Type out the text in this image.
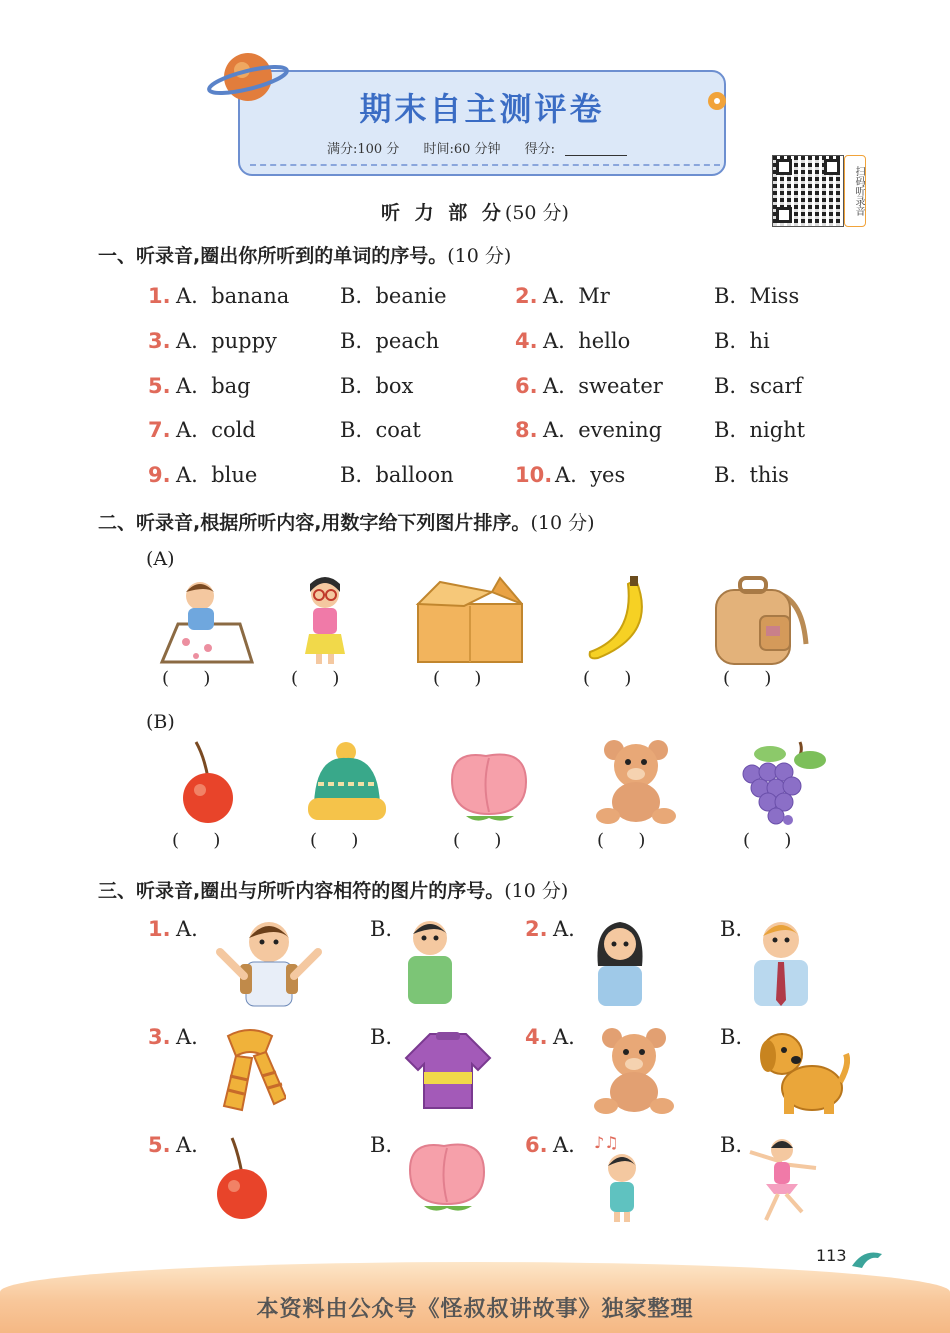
期末自主测评卷
满分:100 分 时间:60 分钟 得分:
扫码听录音
听 力 部 分(50 分)
一、听录音,圈出你所听到的单词的序号。(10 分)
1. A.  banana B.  beanie	2. A.  Mr	B.  Miss
3. A.  puppy	B.  peach	4. A.  hello	B.  hi
5. A.  bag	B.  box	6. A.  sweater B.  scarf
7. A.  cold	B.  coat	8. A.  evening B.  night
9. A.  blue	B.  balloon	10. A.  yes	B.  this
二、听录音,根据所听内容,用数字给下列图片排序。(10 分)
(A)
(B)
(      )	(      )	(      )	(      )	(      )
(      )	(      )	(      )	(      )	(      )
三、听录音,圈出与所听内容相符的图片的序号。(10 分)
1. A.	B.	2. A.	B.
3. A.	B.	4. A.	B.
5. A.	B.	6. A.	B.
♪♫
113
本资料由公众号《怪叔叔讲故事》独家整理
